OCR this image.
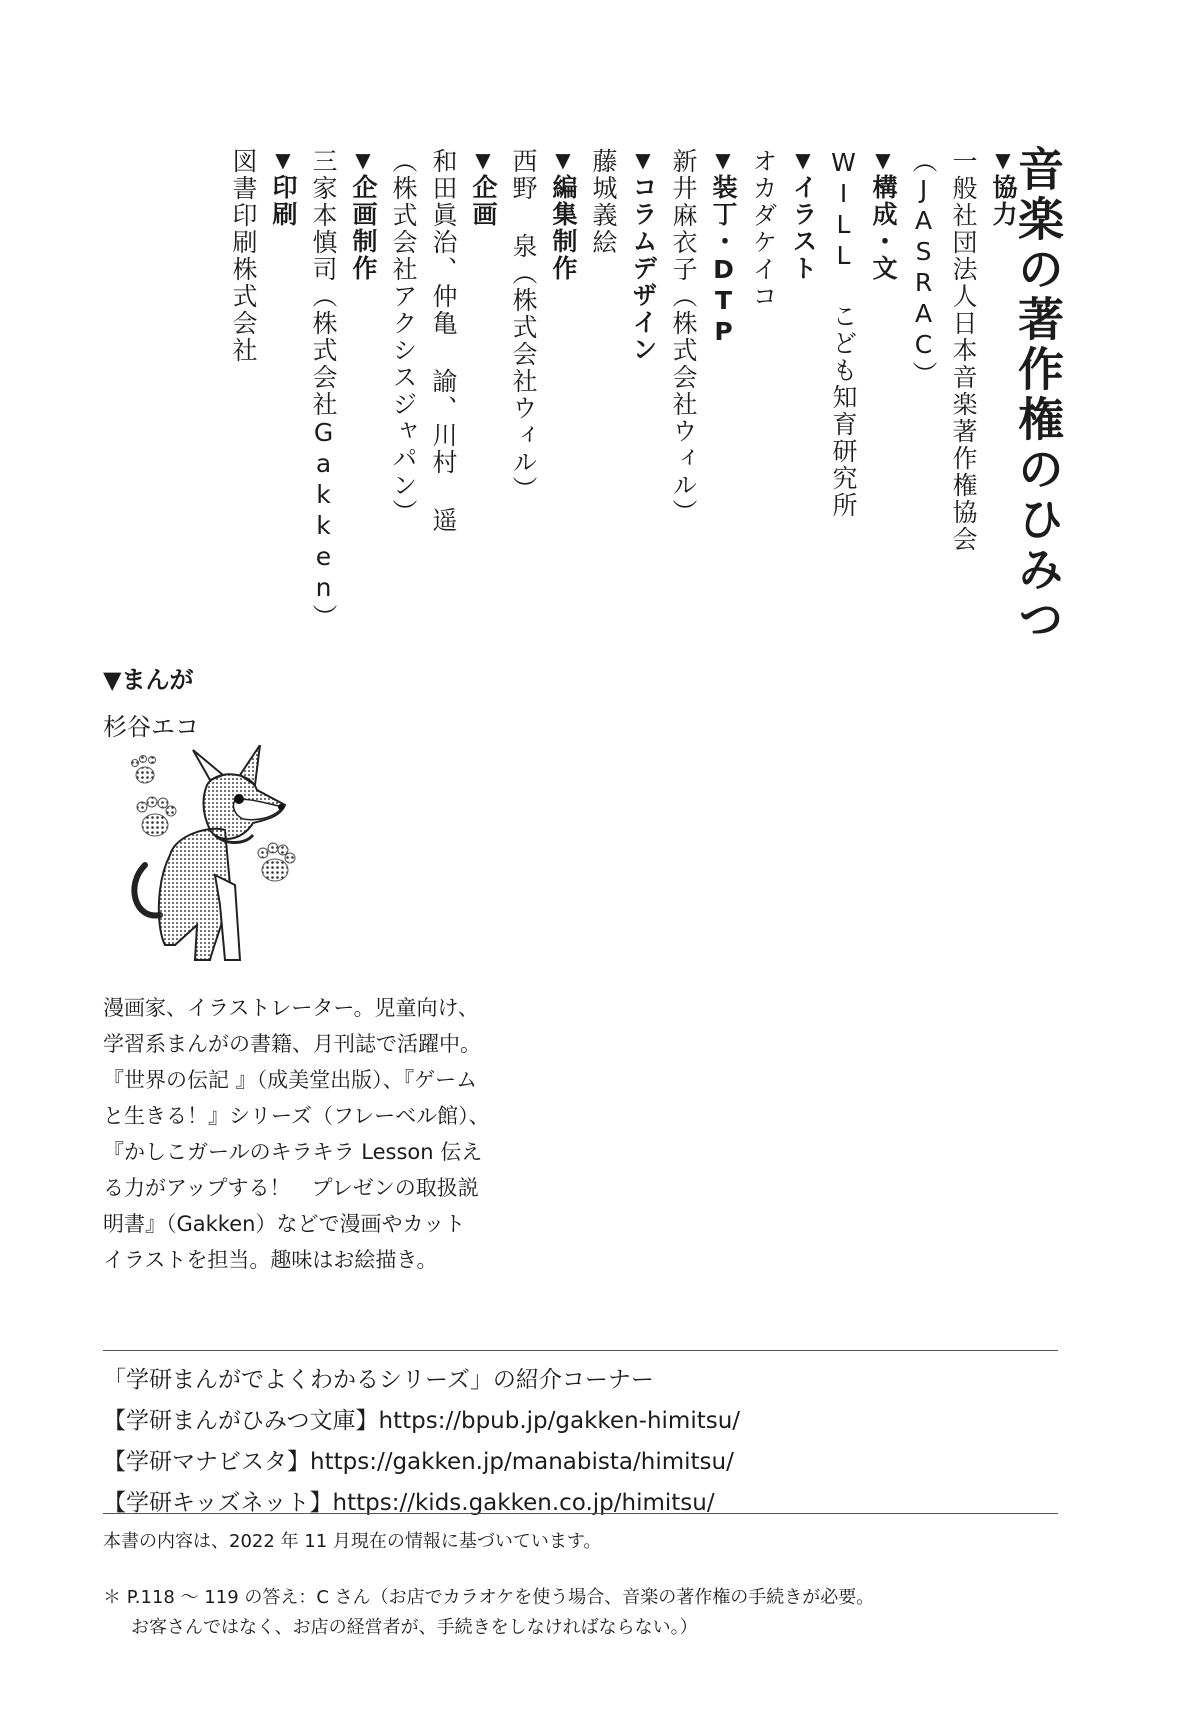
音楽の著作権のひみつ
▼協力
一般社団法人日本音楽著作権協会
（JASRAC）
▼構成・文
WILL こども知育研究所
▼イラスト
オカダケイコ
▼装丁・DTP
新井麻衣子（株式会社ウィル）
▼コラムデザイン
藤城義絵
▼編集制作
西野 泉（株式会社ウィル）
▼企画
和田眞治、仲亀 諭、川村 遥
（株式会社アクシスジャパン）
▼企画制作
三家本慎司（株式会社Gakken）
▼印刷
図書印刷株式会社

▼まんが

杉谷エコ

漫画家、イラストレーター。児童向け、

学習系まんがの書籍、月刊誌で活躍中。

『世界の伝記 』（成美堂出版）、『ゲーム

と生きる！』シリーズ（フレーベル館）、

『かしこガールのキラキラ Lesson 伝え

る力がアップする！　プレゼンの取扱説

明書』（Gakken）などで漫画やカット

イラストを担当。趣味はお絵描き。

「学研まんがでよくわかるシリーズ」の紹介コーナー

【学研まんがひみつ文庫】https://bpub.jp/gakken-himitsu/

【学研マナビスタ】https://gakken.jp/manabista/himitsu/

【学研キッズネット】https://kids.gakken.co.jp/himitsu/

本書の内容は、2022 年 11 月現在の情報に基づいています。

＊ P.118 ～ 119 の答え：C さん（お店でカラオケを使う場合、音楽の著作権の手続きが必要。

お客さんではなく、お店の経営者が、手続きをしなければならない。）
